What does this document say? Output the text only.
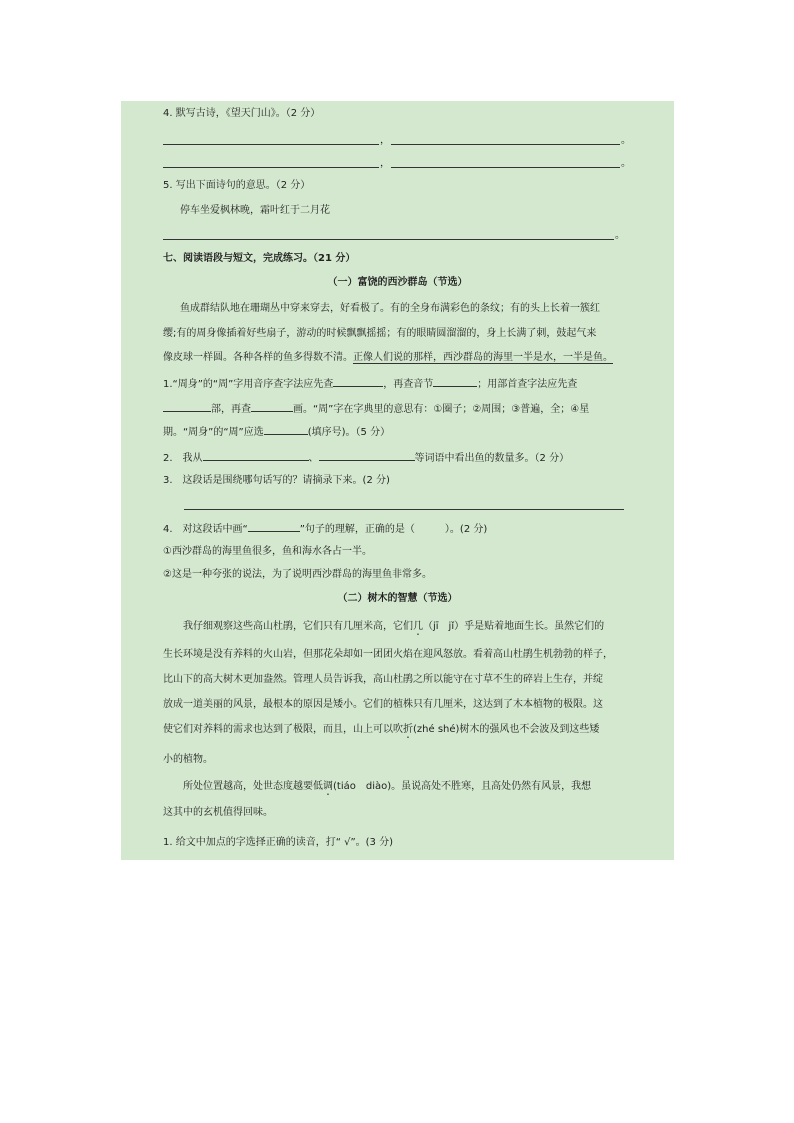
4. 默写古诗，《望天门山》。（2 分）
，	。
，	。
5. 写出下面诗句的意思。（2 分）
停车坐爱枫林晚，霜叶红于二月花
。
七、阅读语段与短文，完成练习。（21 分）
（一）富饶的西沙群岛（节选）
鱼成群结队地在珊瑚丛中穿来穿去，好看极了。有的全身布满彩色的条纹；有的头上长着一簇红
缨;有的周身像插着好些扇子，游动的时候飘飘摇摇；有的眼睛圆溜溜的，身上长满了刺，鼓起气来
像皮球一样圆。各种各样的鱼多得数不清。正像人们说的那样，西沙群岛的海里一半是水，一半是鱼。
1.“周身”的“周”字用音序查字法应先查	，再查音节	；用部首查字法应先查
部，再查	画。“周”字在字典里的意思有：①圈子；②周围；③普遍，全；④星
期。“周身”的“周”应选	(填序号)。（5 分）
2.　我从	、	等词语中看出鱼的数量多。（2 分）
3.　这段话是围绕哪句话写的？请摘录下来。(2 分)
4.　对这段话中画“	”句子的理解，正确的是（　　　）。(2 分)
①西沙群岛的海里鱼很多，鱼和海水各占一半。
②这是一种夸张的说法，为了说明西沙群岛的海里鱼非常多。
（二）树木的智慧（节选）
我仔细观察这些高山杜鹃，它们只有几厘米高，它们几（jī　jǐ）乎是贴着地面生长。虽然它们的
生长环境是没有养料的火山岩，但那花朵却如一团团火焰在迎风怒放。看着高山杜鹃生机勃勃的样子，
比山下的高大树木更加盎然。管理人员告诉我，高山杜鹃之所以能守在寸草不生的碎岩上生存，并绽
放成一道美丽的风景，最根本的原因是矮小。它们的植株只有几厘米，这达到了木本植物的极限。这
使它们对养料的需求也达到了极限，而且，山上可以吹折(zhé shé)树木的强风也不会波及到这些矮
小的植物。
所处位置越高，处世态度越要低调(tiáo　diào)。虽说高处不胜寒，且高处仍然有风景，我想
这其中的玄机值得回味。
1. 给文中加点的字选择正确的读音，打“ √”。(3 分)
